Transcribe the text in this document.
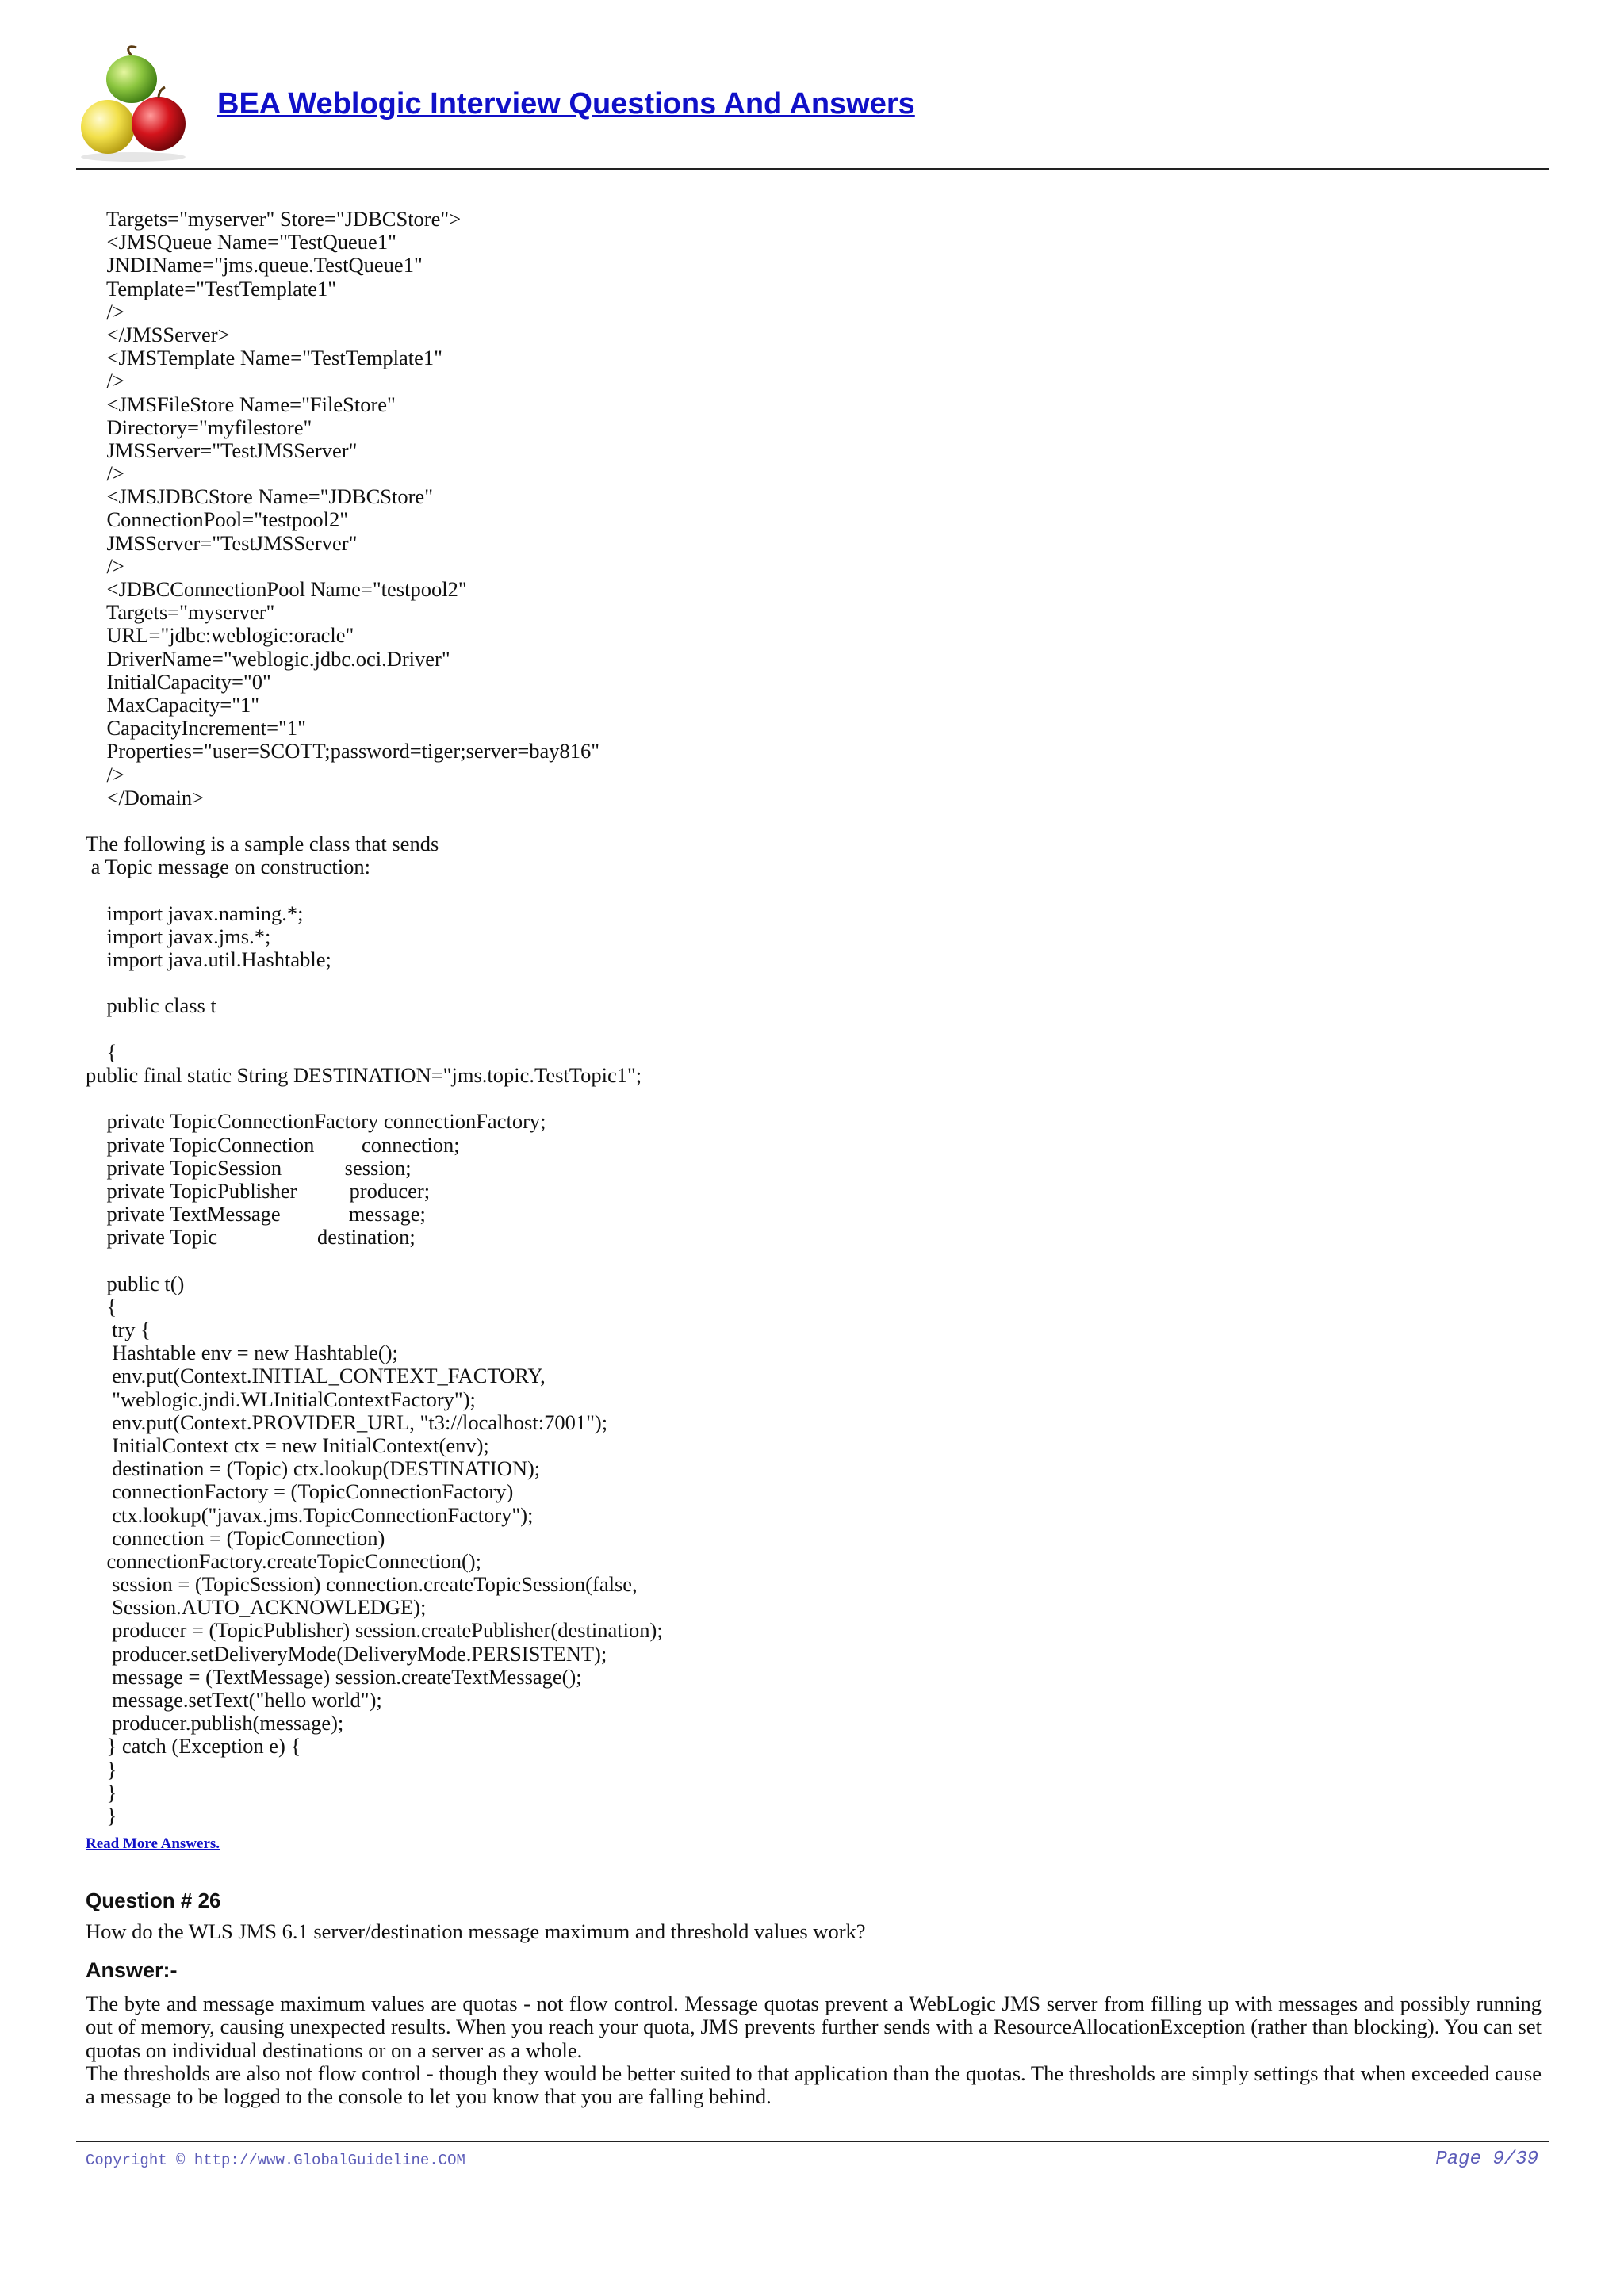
BEA Weblogic Interview Questions And Answers
Targets="myserver" Store="JDBCStore">
<JMSQueue Name="TestQueue1"
JNDIName="jms.queue.TestQueue1"
Template="TestTemplate1"
/>
</JMSServer>
<JMSTemplate Name="TestTemplate1"
/>
<JMSFileStore Name="FileStore"
Directory="myfilestore"
JMSServer="TestJMSServer"
/>
<JMSJDBCStore Name="JDBCStore"
ConnectionPool="testpool2"
JMSServer="TestJMSServer"
/>
<JDBCConnectionPool Name="testpool2"
Targets="myserver"
URL="jdbc:weblogic:oracle"
DriverName="weblogic.jdbc.oci.Driver"
InitialCapacity="0"
MaxCapacity="1"
CapacityIncrement="1"
Properties="user=SCOTT;password=tiger;server=bay816"
/>
</Domain>
The following is a sample class that sends
a Topic message on construction:
import javax.naming.*;
import javax.jms.*;
import java.util.Hashtable;
public class t
{
public final static String DESTINATION="jms.topic.TestTopic1";
private TopicConnectionFactory connectionFactory;
private TopicConnection         connection;
private TopicSession            session;
private TopicPublisher          producer;
private TextMessage             message;
private Topic                   destination;
public t()
{
try {
Hashtable env = new Hashtable();
env.put(Context.INITIAL_CONTEXT_FACTORY,
"weblogic.jndi.WLInitialContextFactory");
env.put(Context.PROVIDER_URL, "t3://localhost:7001");
InitialContext ctx = new InitialContext(env);
destination = (Topic) ctx.lookup(DESTINATION);
connectionFactory = (TopicConnectionFactory)
ctx.lookup("javax.jms.TopicConnectionFactory");
connection = (TopicConnection)
connectionFactory.createTopicConnection();
session = (TopicSession) connection.createTopicSession(false,
Session.AUTO_ACKNOWLEDGE);
producer = (TopicPublisher) session.createPublisher(destination);
producer.setDeliveryMode(DeliveryMode.PERSISTENT);
message = (TextMessage) session.createTextMessage();
message.setText("hello world");
producer.publish(message);
} catch (Exception e) {
}
}
}
Read More Answers.
Question # 26
How do the WLS JMS 6.1 server/destination message maximum and threshold values work?
Answer:-
The byte and message maximum values are quotas - not flow control. Message quotas prevent a WebLogic JMS server from filling up with messages and possibly running out of memory, causing unexpected results. When you reach your quota, JMS prevents further sends with a ResourceAllocationException (rather than blocking). You can set quotas on individual destinations or on a server as a whole.
The thresholds are also not flow control - though they would be better suited to that application than the quotas. The thresholds are simply settings that when exceeded cause a message to be logged to the console to let you know that you are falling behind.
Copyright © http://www.GlobalGuideline.COM	Page 9/39
